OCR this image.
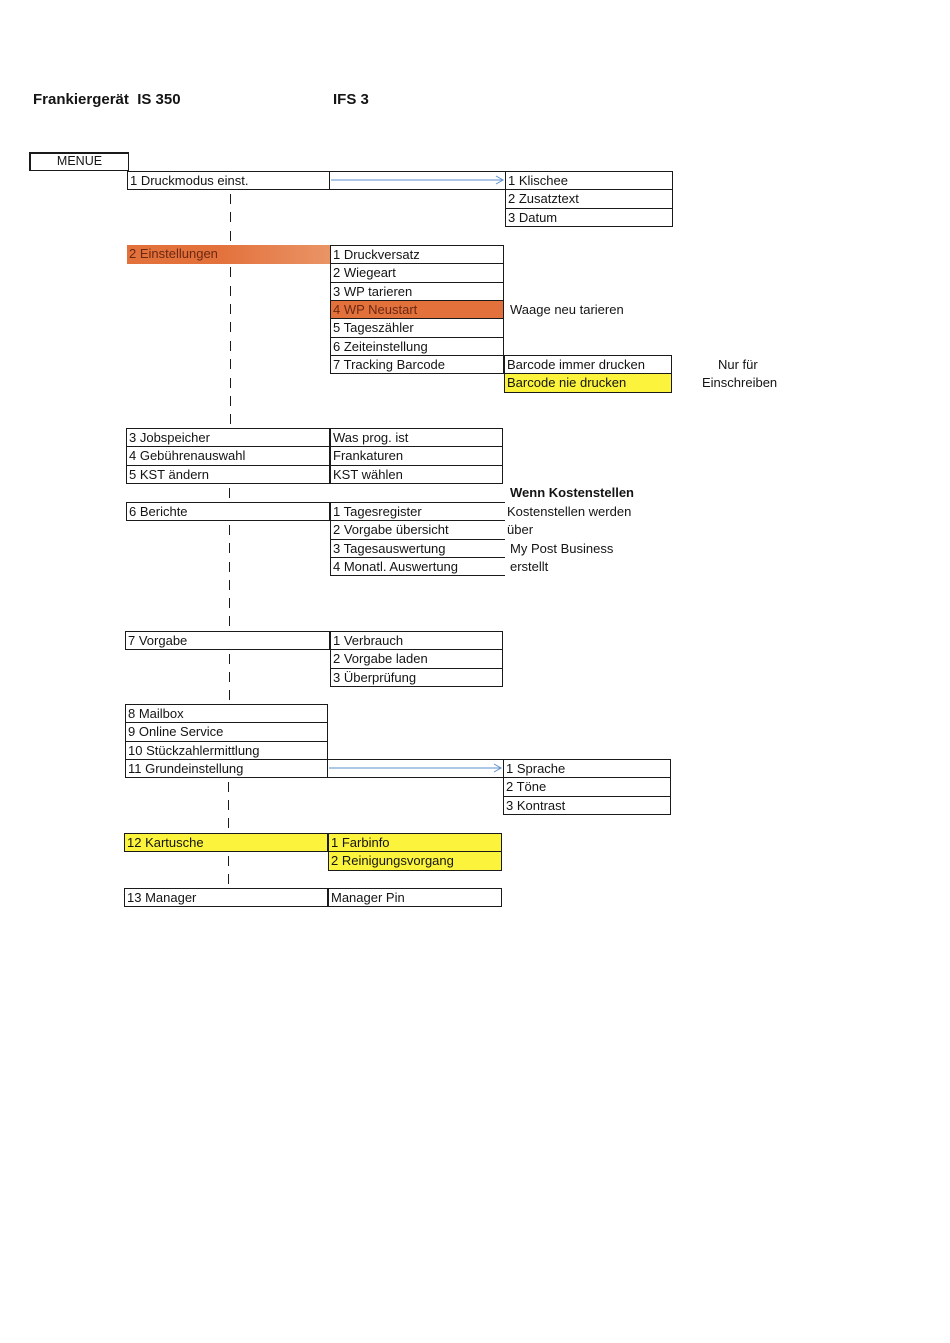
Frankiergerät  IS 350	IFS 3
MENUE
1 Druckmodus einst.	1 Klischee
2 Zusatztext
3 Datum
2 Einstellungen	1 Druckversatz
2 Wiegeart
3 WP tarieren
4 WP Neustart
5 Tageszähler
6 Zeiteinstellung
7 Tracking Barcode
Waage neu tarieren
Barcode immer drucken
Barcode nie drucken
Nur für
Einschreiben
3 Jobspeicher
4 Gebührenauswahl
5 KST ändern
Was prog. ist
Frankaturen
KST wählen
Wenn Kostenstellen
6 Berichte	1 Tagesregister
2 Vorgabe übersicht
3 Tagesauswertung
4 Monatl. Auswertung
Kostenstellen werden
über
My Post Business
erstellt
7 Vorgabe	1 Verbrauch
2 Vorgabe laden
3 Überprüfung
8 Mailbox
9 Online Service
10 Stückzahlermittlung
11 Grundeinstellung	1 Sprache
2 Töne
3 Kontrast
12 Kartusche	1 Farbinfo
2 Reinigungsvorgang
13 Manager	Manager Pin
